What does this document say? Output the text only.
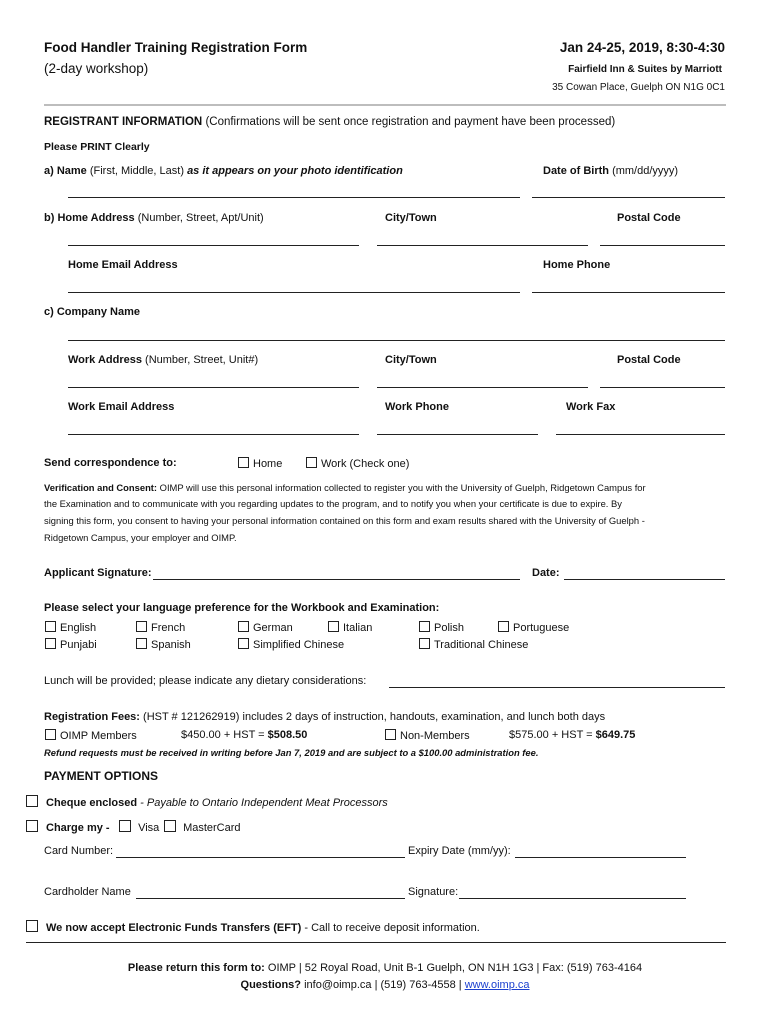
Food Handler Training Registration Form
(2-day workshop)
Jan 24-25, 2019, 8:30-4:30
Fairfield Inn & Suites by Marriott
35 Cowan Place, Guelph ON N1G 0C1
REGISTRANT INFORMATION (Confirmations will be sent once registration and payment have been processed)
Please PRINT Clearly
a) Name (First, Middle, Last) as it appears on your photo identification	Date of Birth (mm/dd/yyyy)
b) Home Address (Number, Street, Apt/Unit)	City/Town	Postal Code
Home Email Address	Home Phone
c) Company Name
Work Address (Number, Street, Unit#)	City/Town	Postal Code
Work Email Address	Work Phone	Work Fax
Send correspondence to:	Home	Work (Check one)
Verification and Consent: OIMP will use this personal information collected to register you with the University of Guelph, Ridgetown Campus for
the Examination and to communicate with you regarding updates to the program, and to notify you when your certificate is due to expire. By
signing this form, you consent to having your personal information contained on this form and exam results shared with the University of Guelph -
Ridgetown Campus, your employer and OIMP.
Applicant Signature:	Date:
Please select your language preference for the Workbook and Examination:
English	French	German	Italian	Polish	Portuguese
Punjabi	Spanish	Simplified Chinese	Traditional Chinese
Lunch will be provided; please indicate any dietary considerations:
Registration Fees: (HST # 121262919) includes 2 days of instruction, handouts, examination, and lunch both days
OIMP Members	$450.00 + HST = $508.50	Non-Members	$575.00 + HST = $649.75
Refund requests must be received in writing before Jan 7, 2019 and are subject to a $100.00 administration fee.
PAYMENT OPTIONS
Cheque enclosed - Payable to Ontario Independent Meat Processors
Charge my -	Visa	MasterCard
Card Number:	Expiry Date (mm/yy):
Cardholder Name	Signature:
We now accept Electronic Funds Transfers (EFT) - Call to receive deposit information.
Please return this form to: OIMP | 52 Royal Road, Unit B-1 Guelph, ON N1H 1G3 | Fax: (519) 763-4164
Questions? info@oimp.ca | (519) 763-4558 | www.oimp.ca
